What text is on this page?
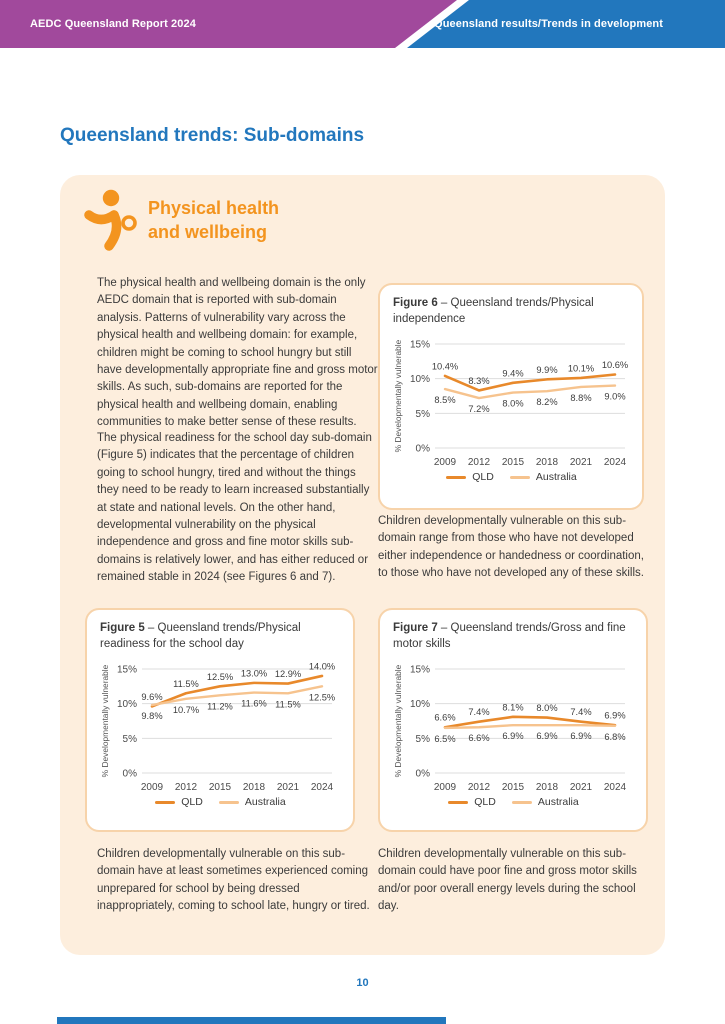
AEDC Queensland Report 2024	Queensland results/Trends in development
Queensland trends: Sub-domains
Physical health
and wellbeing
The physical health and wellbeing domain is the only AEDC domain that is reported with sub-domain analysis. Patterns of vulnerability vary across the physical health and wellbeing domain: for example, children might be coming to school hungry but still have developmentally appropriate fine and gross motor skills. As such, sub-domains are reported for the physical health and wellbeing domain, enabling communities to make better sense of these results.
The physical readiness for the school day sub-domain (Figure 5) indicates that the percentage of children going to school hungry, tired and without the things they need to be ready to learn increased substantially at state and national levels. On the other hand, developmental vulnerability on the physical independence and gross and fine motor skills sub-domains is relatively lower, and has either reduced or remained stable in 2024 (see Figures 6 and 7).
Figure 6 – Queensland trends/Physical independence
0%
5%
10%
15%
% Developmentally vulnerable	10.4%
8.3%
9.4% 9.9% 10.1% 10.6%
8.5%
7.2%
8.0% 8.2% 8.8% 9.0%
2009 2012 2015 2018 2021 2024
QLD	Australia
Children developmentally vulnerable on this sub-domain range from those who have not developed either independence or handedness or coordination, to those who have not developed any of these skills.
Figure 5 – Queensland trends/Physical readiness for the school day
0%
5%
10%
15%
% Developmentally vulnerable	9.6%
11.5%
12.5% 13.0% 12.9%
14.0%
9.8%
10.7% 11.2% 11.6% 11.5%
12.5%
2009 2012 2015 2018 2021 2024
QLD	Australia
Figure 7 – Queensland trends/Gross and fine motor skills
0%
5%
10%
15%
% Developmentally vulnerable	6.6%
7.4% 8.1% 8.0% 7.4% 6.9%
6.5% 6.6% 6.9% 6.9% 6.9% 6.8%
2009 2012 2015 2018 2021 2024
QLD	Australia
Children developmentally vulnerable on this sub-domain have at least sometimes experienced coming unprepared for school by being dressed inappropriately, coming to school late, hungry or tired.
Children developmentally vulnerable on this sub-domain could have poor fine and gross motor skills and/or poor overall energy levels during the school day.
10
